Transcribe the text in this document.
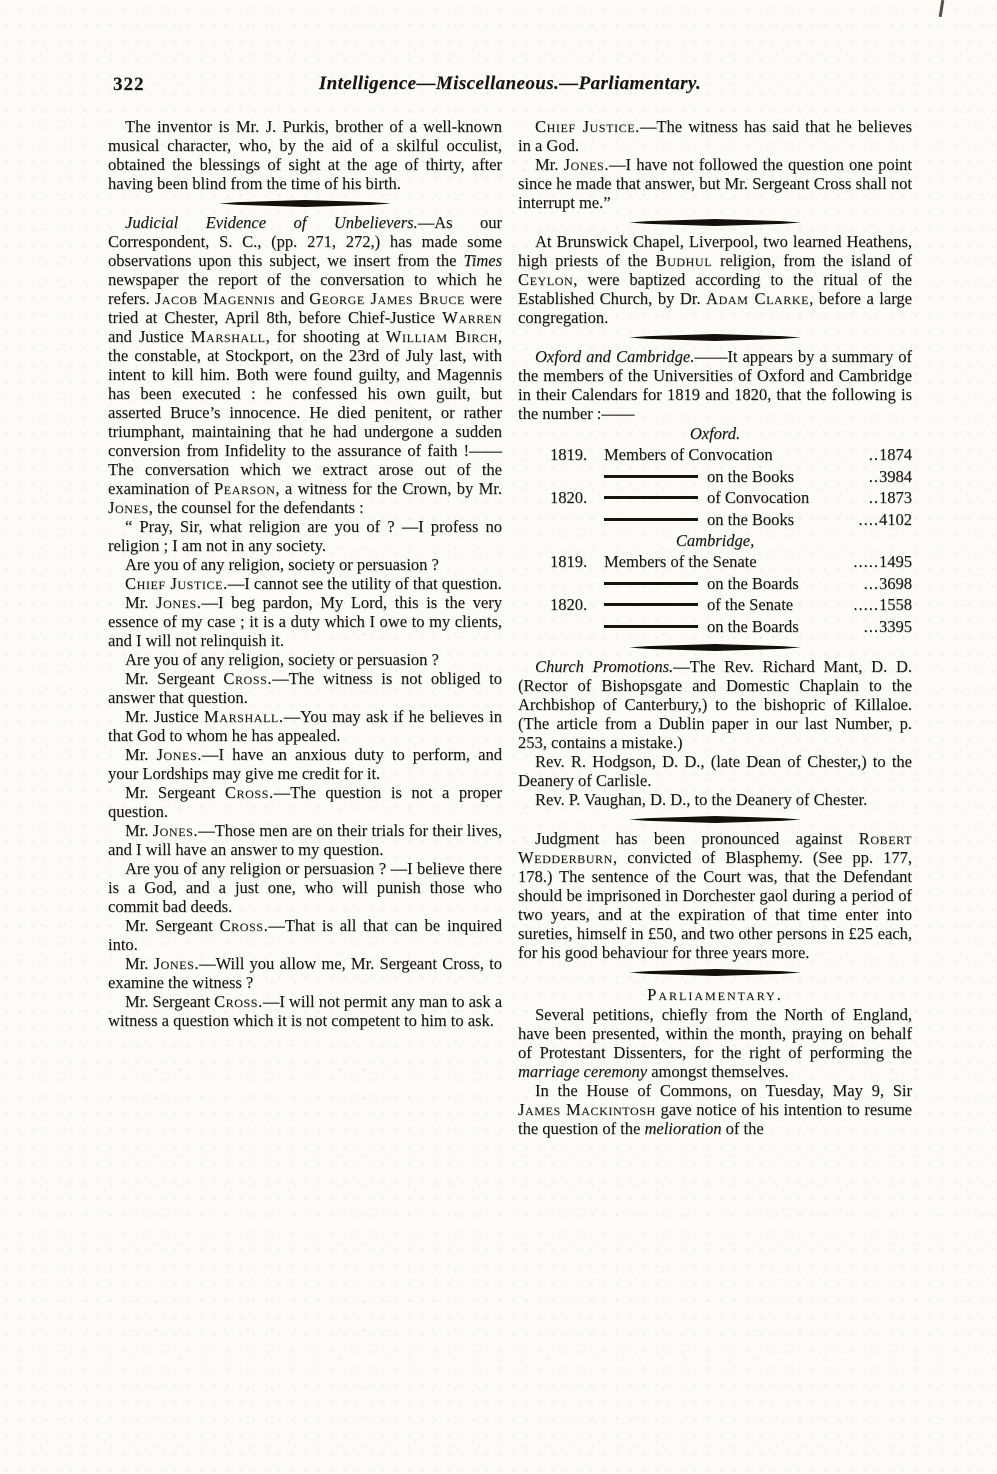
322	Intelligence—Miscellaneous.—Parliamentary.

The inventor is Mr. J. Purkis, brother of a well-known musical character, who, by the aid of a skilful occulist, obtained the blessings of sight at the age of thirty, after having been blind from the time of his birth.

Judicial Evidence of Unbelievers.—As our Correspondent, S. C., (pp. 271, 272,) has made some observations upon this subject, we insert from the Times newspaper the report of the conversation to which he refers. Jacob Magennis and George James Bruce were tried at Chester, April 8th, before Chief-Justice Warren and Justice Marshall, for shooting at William Birch, the constable, at Stockport, on the 23rd of July last, with intent to kill him. Both were found guilty, and Magennis has been executed : he confessed his own guilt, but asserted Bruce’s innocence. He died penitent, or rather triumphant, maintaining that he had undergone a sudden conversion from Infidelity to the assurance of faith !——The conversation which we extract arose out of the examination of Pearson, a witness for the Crown, by Mr. Jones, the counsel for the defendants :

“ Pray, Sir, what religion are you of ? —I profess no religion ; I am not in any society.

Are you of any religion, society or persuasion ?

Chief Justice.—I cannot see the utility of that question.

Mr. Jones.—I beg pardon, My Lord, this is the very essence of my case ; it is a duty which I owe to my clients, and I will not relinquish it.

Are you of any religion, society or persuasion ?

Mr. Sergeant Cross.—The witness is not obliged to answer that question.

Mr. Justice Marshall.—You may ask if he believes in that God to whom he has appealed.

Mr. Jones.—I have an anxious duty to perform, and your Lordships may give me credit for it.

Mr. Sergeant Cross.—The question is not a proper question.

Mr. Jones.—Those men are on their trials for their lives, and I will have an answer to my question.

Are you of any religion or persuasion ? —I believe there is a God, and a just one, who will punish those who commit bad deeds.

Mr. Sergeant Cross.—That is all that can be inquired into.

Mr. Jones.—Will you allow me, Mr. Sergeant Cross, to examine the witness ?

Mr. Sergeant Cross.—I will not permit any man to ask a witness a question which it is not competent to him to ask.

Chief Justice.—The witness has said that he believes in a God.

Mr. Jones.—I have not followed the question one point since he made that answer, but Mr. Sergeant Cross shall not interrupt me.”

At Brunswick Chapel, Liverpool, two learned Heathens, high priests of the Budhul religion, from the island of Ceylon, were baptized according to the ritual of the Established Church, by Dr. Adam Clarke, before a large congregation.

Oxford and Cambridge.——It appears by a summary of the members of the Universities of Oxford and Cambridge in their Calendars for 1819 and 1820, that the following is the number :——

Oxford.
1819.	Members of Convocation	.. 1874
on the Books	.. 3984
1820.	of Convocation	.. 1873
on the Books	.... 4102
Cambridge,
1819.	Members of the Senate	..... 1495
on the Boards	... 3698
1820.	of the Senate	..... 1558
on the Boards	... 3395

Church Promotions.—The Rev. Richard Mant, D. D. (Rector of Bishopsgate and Domestic Chaplain to the Archbishop of Canterbury,) to the bishopric of Killaloe. (The article from a Dublin paper in our last Number, p. 253, contains a mistake.)

Rev. R. Hodgson, D. D., (late Dean of Chester,) to the Deanery of Carlisle.

Rev. P. Vaughan, D. D., to the Deanery of Chester.

Judgment has been pronounced against Robert Wedderburn, convicted of Blasphemy. (See pp. 177, 178.) The sentence of the Court was, that the Defendant should be imprisoned in Dorchester gaol during a period of two years, and at the expiration of that time enter into sureties, himself in £50, and two other persons in £25 each, for his good behaviour for three years more.

Parliamentary.

Several petitions, chiefly from the North of England, have been presented, within the month, praying on behalf of Protestant Dissenters, for the right of performing the marriage ceremony amongst themselves.

In the House of Commons, on Tuesday, May 9, Sir James Mackintosh gave notice of his intention to resume the question of the melioration of the
